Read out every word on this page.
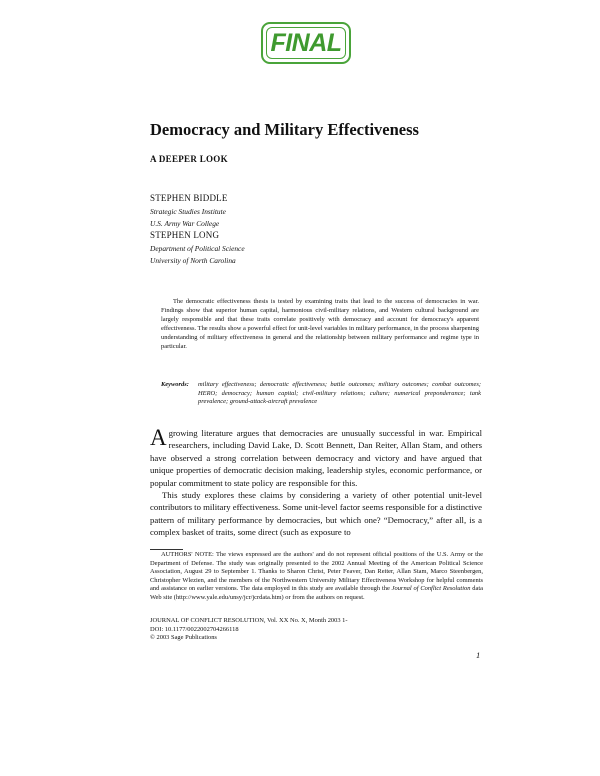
FINAL
Democracy and Military Effectiveness
A DEEPER LOOK
STEPHEN BIDDLE
Strategic Studies Institute
U.S. Army War College
STEPHEN LONG
Department of Political Science
University of North Carolina

The democratic effectiveness thesis is tested by examining traits that lead to the success of democracies in war. Findings show that superior human capital, harmonious civil-military relations, and Western cultural background are largely responsible and that these traits correlate positively with democracy and account for democracy's apparent effectiveness. The results show a powerful effect for unit-level variables in military performance, in the process sharpening understanding of military effectiveness in general and the relationship between military performance and regime type in particular.

Keywords: military effectiveness; democratic effectiveness; battle outcomes; military outcomes; combat outcomes; HERO; democracy; human capital; civil-military relations; culture; numerical preponderance; tank prevalence; ground-attack-aircraft prevalence

Agrowing literature argues that democracies are unusually successful in war. Empirical researchers, including David Lake, D. Scott Bennett, Dan Reiter, Allan Stam, and others have observed a strong correlation between democracy and victory and have argued that unique properties of democratic decision making, leadership styles, economic performance, or popular commitment to state policy are responsible for this.

This study explores these claims by considering a variety of other potential unit-level contributors to military effectiveness. Some unit-level factor seems responsible for a distinctive pattern of military performance by democracies, but which one? “Democracy,” after all, is a complex basket of traits, some direct (such as exposure to

AUTHORS' NOTE: The views expressed are the authors' and do not represent official positions of the U.S. Army or the Department of Defense. The study was originally presented to the 2002 Annual Meeting of the American Political Science Association, August 29 to September 1. Thanks to Sharon Christ, Peter Feaver, Dan Reiter, Allan Stam, Marco Steenbergen, Christopher Wlezien, and the members of the Northwestern University Military Effectiveness Workshop for helpful comments and assistance on earlier versions. The data employed in this study are available through the Journal of Conflict Resolution data Web site (http://www.yale.edu/unsy/jcr/jcrdata.htm) or from the authors on request.

JOURNAL OF CONFLICT RESOLUTION, Vol. XX No. X, Month 2003 1-
DOI: 10.1177/0022002704266118
© 2003 Sage Publications
1
